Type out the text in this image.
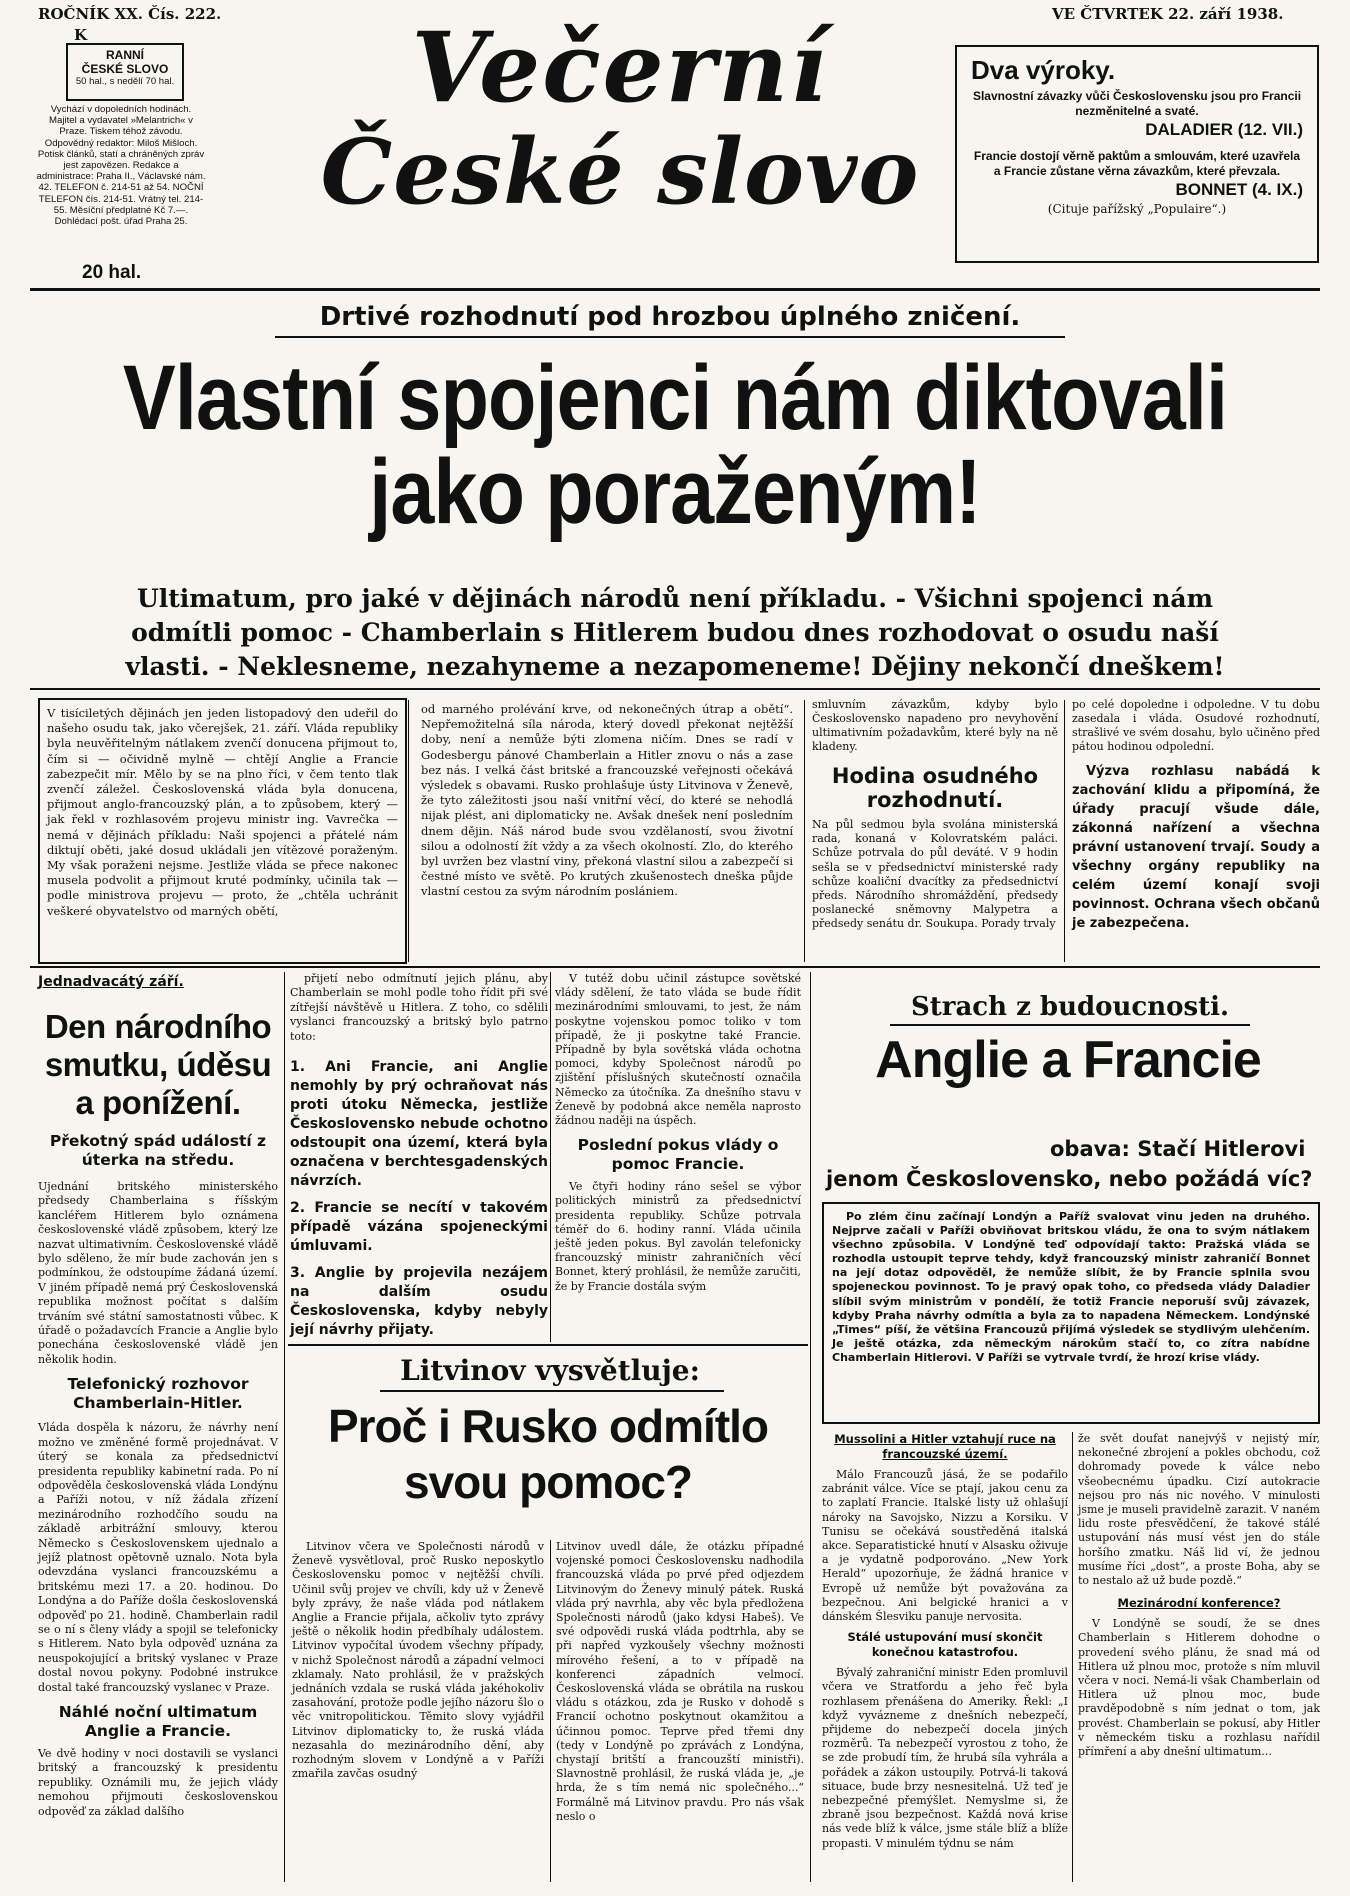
ROČNÍK XX. Čís. 222.
K
VE ČTVRTEK 22. září 1938.
RANNÍ
ČESKÉ SLOVO
50 hal., s nedělí 70 hal.
Vychází v dopoledních hodinách. Majitel a vydavatel »Melantrich« v Praze. Tiskem téhož závodu. Odpovědný redaktor: Miloš Mišloch. Potisk článků, statí a chráněných zpráv jest zapovězen. Redakce a administrace: Praha II., Václavské nám. 42. TELEFON č. 214-51 až 54. NOČNÍ TELEFON čís. 214-51. Vrátný tel. 214-55. Měsíční předplatné Kč 7.—. Dohlédací pošt. úřad Praha 25.
20 hal.
Večerní
České slovo
Dva výroky.
Slavnostní závazky vůči Československu jsou pro Francii nezměnitelné a svaté.
DALADIER (12. VII.)
Francie dostojí věrně paktům a smlouvám, které uzavřela a Francie zůstane věrna závazkům, které převzala.
BONNET (4. IX.)
(Cituje pařížský „Populaire“.)
Drtivé rozhodnutí pod hrozbou úplného zničení.
Vlastní spojenci nám diktovali
jako poraženým!
Ultimatum, pro jaké v dějinách národů není příkladu. - Všichni spojenci nám
odmítli pomoc - Chamberlain s Hitlerem budou dnes rozhodovat o osudu naší
vlasti. - Neklesneme, nezahyneme a nezapomeneme! Dějiny nekončí dneškem!

V tisíciletých dějinách jen jeden listopadový den udeřil do našeho osudu tak, jako včerejšek, 21. září. Vláda republiky byla neuvěřitelným nátlakem zvenčí donucena přijmout to, čím si — očividně mylně — chtějí Anglie a Francie zabezpečit mír. Mělo by se na plno říci, v čem tento tlak zvenčí záležel. Československá vláda byla donucena, přijmout anglo-francouzský plán, a to způsobem, který — jak řekl v rozhlasovém projevu ministr ing. Vavrečka — nemá v dějinách příkladu: Naši spojenci a přátelé nám diktují oběti, jaké dosud ukládali jen vítězové poraženým. My však poraženi nejsme. Jestliže vláda se přece nakonec musela podvolit a přijmout kruté podmínky, učinila tak — podle ministrova projevu — proto, že „chtěla uchránit veškeré obyvatelstvo od marných obětí,

od marného prolévání krve, od nekonečných útrap a obětí“. Nepřemožitelná síla národa, který dovedl překonat nejtěžší doby, není a nemůže býti zlomena ničím. Dnes se radí v Godesbergu pánové Chamberlain a Hitler znovu o nás a zase bez nás. I velká část britské a francouzské veřejnosti očekává výsledek s obavami. Rusko prohlašuje ústy Litvinova v Ženevě, že tyto záležitosti jsou naší vnitřní věcí, do které se nehodlá nijak plést, ani diplomaticky ne. Avšak dnešek není posledním dnem dějin. Náš národ bude svou vzdělaností, svou životní silou a odolností žít vždy a za všech okolností. Zlo, do kterého byl uvržen bez vlastní viny, překoná vlastní silou a zabezpečí si čestné místo ve světě. Po krutých zkušenostech dneška půjde vlastní cestou za svým národním poslániem.

smluvním závazkům, kdyby bylo Československo napadeno pro nevyhovění ultimativním požadavkům, které byly na ně kladeny.
Hodina osudného rozhodnutí.
Na půl sedmou byla svolána ministerská rada, konaná v Kolovratském paláci. Schůze potrvala do půl deváté. V 9 hodin sešla se v předsednictví ministerské rady schůze koaliční dvacítky za předsednictví předs. Národního shromáždění, předsedy poslanecké sněmovny Malypetra a předsedy senátu dr. Soukupa. Porady trvaly
po celé dopoledne i odpoledne. V tu dobu zasedala i vláda. Osudové rozhodnutí, strašlivé ve svém dosahu, bylo učiněno před pátou hodinou odpolední.
Výzva rozhlasu nabádá k zachování klidu a připomíná, že úřady pracují všude dále, zákonná nařízení a všechna právní ustanovení trvají. Soudy a všechny orgány republiky na celém území konají svoji povinnost. Ochrana všech občanů je zabezpečena.
Jednadvacátý září.
Den národního smutku, úděsu a ponížení.
Překotný spád událostí z úterka na středu.

Ujednání britského ministerského předsedy Chamberlaina s říšským kancléřem Hitlerem bylo oznámena československé vládě způsobem, který lze nazvat ultimativním. Československé vládě bylo sděleno, že mír bude zachován jen s podmínkou, že odstoupíme žádaná území. V jiném případě nemá prý Československá republika možnost počítat s dalším trváním své státní samostatnosti vůbec. K úřadě o požadavcích Francie a Anglie bylo ponechána československé vládě jen několik hodin.

Telefonický rozhovor Chamberlain-Hitler.

Vláda dospěla k názoru, že návrhy není možno ve změněné formě projednávat. V úterý se konala za předsednictví presidenta republiky kabinetní rada. Po ní odpověděla československá vláda Londýnu a Paříži notou, v níž žádala zřízení mezinárodního rozhodčího soudu na základě arbitrážní smlouvy, kterou Německo s Československem ujednalo a jejíž platnost opětovně uznalo. Nota byla odevzdána vyslanci francouzskému a britskému mezi 17. a 20. hodinou. Do Londýna a do Paříže došla československá odpověď po 21. hodině. Chamberlain radil se o ní s členy vlády a spojil se telefonicky s Hitlerem. Nato byla odpověď uznána za neuspokojující a britský vyslanec v Praze dostal novou pokyny. Podobné instrukce dostal také francouzský vyslanec v Praze.

Náhlé noční ultimatum Anglie a Francie.

Ve dvě hodiny v noci dostavili se vyslanci britský a francouzský k presidentu republiky. Oznámili mu, že jejich vlády nemohou přijmouti československou odpověď za základ dalšího

přijetí nebo odmítnutí jejich plánu, aby Chamberlain se mohl podle toho řídit při své zítřejší návštěvě u Hitlera. Z toho, co sdělili vyslanci francouzský a britský bylo patrno toto:
1. Ani Francie, ani Anglie nemohly by prý ochraňovat nás proti útoku Německa, jestliže Československo nebude ochotno odstoupit ona území, která byla označena v berchtesgadenských návrzích.
2. Francie se necítí v takovém případě vázána spojeneckými úmluvami.
3. Anglie by projevila nezájem na dalším osudu Československa, kdyby nebyly její návrhy přijaty.
V tutéž dobu učinil zástupce sovětské vlády sdělení, že tato vláda se bude řídit mezinárodními smlouvami, to jest, že nám poskytne vojenskou pomoc toliko v tom případě, že ji poskytne také Francie. Případně by byla sovětská vláda ochotna pomoci, kdyby Společnost národů po zjištění příslušných skutečností označila Německo za útočníka. Za dnešního stavu v Ženevě by podobná akce neměla naprosto žádnou naději na úspěch.
Poslední pokus vlády o pomoc Francie.
Ve čtyři hodiny ráno sešel se výbor politických ministrů za předsednictví presidenta republiky. Schůze potrvala téměř do 6. hodiny ranní. Vláda učinila ještě jeden pokus. Byl zavolán telefonicky francouzský ministr zahraničních věcí Bonnet, který prohlásil, že nemůže zaručiti, že by Francie dostála svým
Strach z budoucnosti.
Anglie a Francie
obava: Stačí Hitlerovi
jenom Československo, nebo požádá víc?
Po zlém činu začínají Londýn a Paříž svalovat vinu jeden na druhého. Nejprve začali v Paříži obviňovat britskou vládu, že ona to svým nátlakem všechno způsobila. V Londýně teď odpovídají takto: Pražská vláda se rozhodla ustoupit teprve tehdy, když francouzský ministr zahraničí Bonnet na její dotaz odpověděl, že nemůže slíbit, že by Francie splnila svou spojeneckou povinnost. To je pravý opak toho, co předseda vlády Daladier slíbil svým ministrům v pondělí, že totiž Francie neporuší svůj závazek, kdyby Praha návrhy odmítla a byla za to napadena Německem. Londýnské „Times“ píší, že většina Francouzů přijímá výsledek se stydlivým ulehčením. Je ještě otázka, zda německým nárokům stačí to, co zítra nabídne Chamberlain Hitlerovi. V Paříži se vytrvale tvrdí, že hrozí krise vlády.
Mussolini a Hitler vztahují ruce na francouzské území.
Málo Francouzů jásá, že se podařilo zabránit válce. Více se ptají, jakou cenu za to zaplatí Francie. Italské listy už ohlašují nároky na Savojsko, Nizzu a Korsiku. V Tunisu se očekává soustředěná italská akce. Separatistické hnutí v Alsasku oživuje a je vydatně podporováno. „New York Herald“ upozorňuje, že žádná hranice v Evropě už nemůže být považována za bezpečnou. Ani belgické hranici a v dánském Šlesviku panuje nervosita.
Stálé ustupování musí skončit konečnou katastrofou.
Bývalý zahraniční ministr Eden promluvil včera ve Stratfordu a jeho řeč byla rozhlasem přenášena do Ameriky. Řekl: „I když vyvázneme z dnešních nebezpečí, přijdeme do nebezpečí docela jiných rozměrů. Ta nebezpečí vyrostou z toho, že se zde probudí tím, že hrubá síla vyhrála a pořádek a zákon ustoupily. Potrvá-li taková situace, bude brzy nesnesitelná. Už teď je nebezpečné přemýšlet. Nemyslme si, že zbraně jsou bezpečnost. Každá nová krise nás vede blíž k válce, jsme stále blíž a blíže propasti. V minulém týdnu se nám
že svět doufat nanejvýš v nejistý mír, nekonečné zbrojení a pokles obchodu, což dohromady povede k válce nebo všeobecnému úpadku. Cizí autokracie nejsou pro nás nic nového. V minulosti jsme je museli pravidelně zarazit. V naném lidu roste přesvědčení, že takové stálé ustupování nás musí vést jen do stále horšího zmatku. Náš lid ví, že jednou musíme říci „dost“, a proste Boha, aby se to nestalo až už bude pozdě.“
Mezinárodní konference?
V Londýně se soudí, že se dnes Chamberlain s Hitlerem dohodne o provedení svého plánu, že snad má od Hitlera už plnou moc, protože s ním mluvil včera v noci. Nemá-li však Chamberlain od Hitlera už plnou moc, bude pravděpodobně s ním jednat o tom, jak provést. Chamberlain se pokusí, aby Hitler v německém tisku a rozhlasu nařídil přímření a aby dnešní ultimatum...
Litvinov vysvětluje:
Proč i Rusko odmítlo
svou pomoc?
Litvinov včera ve Společnosti národů v Ženevě vysvětloval, proč Rusko neposkytlo Československu pomoc v nejtěžší chvíli. Učinil svůj projev ve chvíli, kdy už v Ženevě byly zprávy, že naše vláda pod nátlakem Anglie a Francie přijala, ačkoliv tyto zprávy ještě o několik hodin předbíhaly událostem. Litvinov vypočítal úvodem všechny případy, v nichž Společnost národů a západní velmoci zklamaly. Nato prohlásil, že v pražských jednáních vzdala se ruská vláda jakéhokoliv zasahování, protože podle jejího názoru šlo o věc vnitropolitickou. Těmito slovy vyjádřil Litvinov diplomaticky to, že ruská vláda nezasahla do mezinárodního dění, aby rozhodným slovem v Londýně a v Paříži zmařila zavčas osudný
Litvinov uvedl dále, že otázku případné vojenské pomoci Československu nadhodila francouzská vláda po prvé před odjezdem Litvinovým do Ženevy minulý pátek. Ruská vláda prý navrhla, aby věc byla předložena Společnosti národů (jako kdysi Habeš). Ve své odpovědi ruská vláda podtrhla, aby se při napřed vyzkoušely všechny možnosti mírového řešení, a to v případě na konferenci západních velmocí. Československá vláda se obrátila na ruskou vládu s otázkou, zda je Rusko v dohodě s Francií ochotno poskytnout okamžitou a účinnou pomoc. Teprve před třemi dny (tedy v Londýně po zprávách z Londýna, chystají britští a francouzští ministři). Slavnostně prohlásil, že ruská vláda je, „je hrda, že s tím nemá nic společného...“ Formálně má Litvinov pravdu. Pro nás však neslo o
